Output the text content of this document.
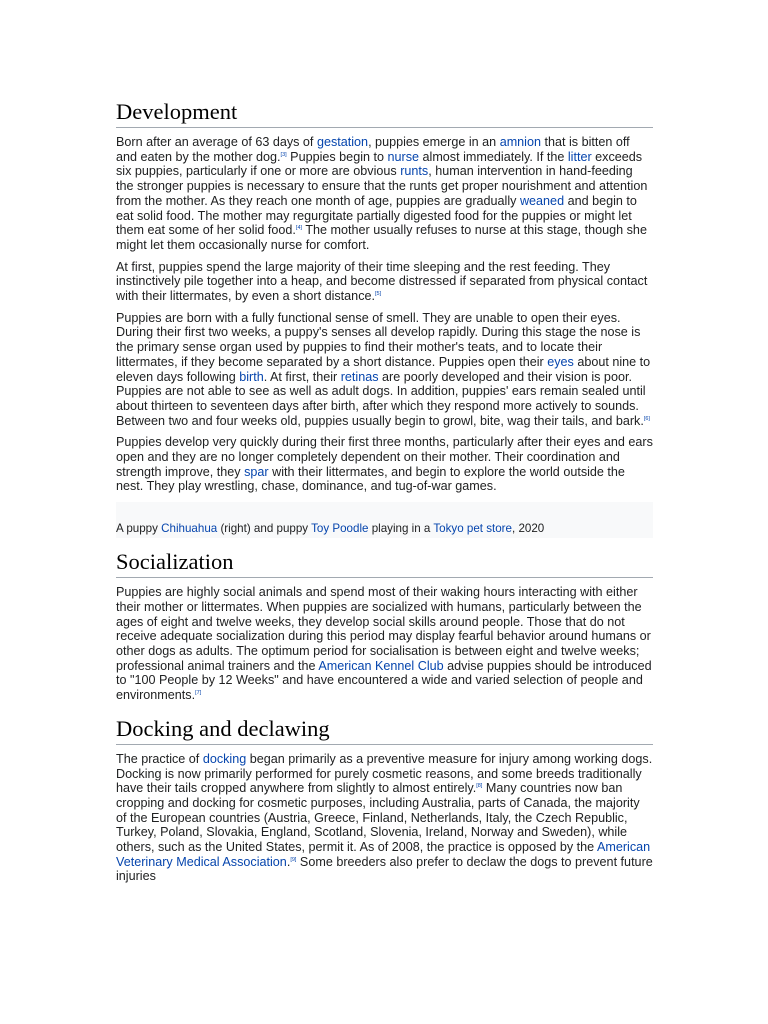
Development

Born after an average of 63 days of gestation, puppies emerge in an amnion that is bitten off and eaten by the mother dog.[3] Puppies begin to nurse almost immediately. If the litter exceeds six puppies, particularly if one or more are obvious runts, human intervention in hand-feeding the stronger puppies is necessary to ensure that the runts get proper nourishment and attention from the mother. As they reach one month of age, puppies are gradually weaned and begin to eat solid food. The mother may regurgitate partially digested food for the puppies or might let them eat some of her solid food.[4] The mother usually refuses to nurse at this stage, though she might let them occasionally nurse for comfort.

At first, puppies spend the large majority of their time sleeping and the rest feeding. They instinctively pile together into a heap, and become distressed if separated from physical contact with their littermates, by even a short distance.[5]

Puppies are born with a fully functional sense of smell. They are unable to open their eyes. During their first two weeks, a puppy's senses all develop rapidly. During this stage the nose is the primary sense organ used by puppies to find their mother's teats, and to locate their littermates, if they become separated by a short distance. Puppies open their eyes about nine to eleven days following birth. At first, their retinas are poorly developed and their vision is poor. Puppies are not able to see as well as adult dogs. In addition, puppies' ears remain sealed until about thirteen to seventeen days after birth, after which they respond more actively to sounds. Between two and four weeks old, puppies usually begin to growl, bite, wag their tails, and bark.[6]

Puppies develop very quickly during their first three months, particularly after their eyes and ears open and they are no longer completely dependent on their mother. Their coordination and strength improve, they spar with their littermates, and begin to explore the world outside the nest. They play wrestling, chase, dominance, and tug-of-war games.

A puppy Chihuahua (right) and puppy Toy Poodle playing in a Tokyo pet store, 2020
Socialization

Puppies are highly social animals and spend most of their waking hours interacting with either their mother or littermates. When puppies are socialized with humans, particularly between the ages of eight and twelve weeks, they develop social skills around people. Those that do not receive adequate socialization during this period may display fearful behavior around humans or other dogs as adults. The optimum period for socialisation is between eight and twelve weeks; professional animal trainers and the American Kennel Club advise puppies should be introduced to "100 People by 12 Weeks" and have encountered a wide and varied selection of people and environments.[7]

Docking and declawing

The practice of docking began primarily as a preventive measure for injury among working dogs. Docking is now primarily performed for purely cosmetic reasons, and some breeds traditionally have their tails cropped anywhere from slightly to almost entirely.[8] Many countries now ban cropping and docking for cosmetic purposes, including Australia, parts of Canada, the majority of the European countries (Austria, Greece, Finland, Netherlands, Italy, the Czech Republic, Turkey, Poland, Slovakia, England, Scotland, Slovenia, Ireland, Norway and Sweden), while others, such as the United States, permit it. As of 2008, the practice is opposed by the American Veterinary Medical Association.[9] Some breeders also prefer to declaw the dogs to prevent future injuries
